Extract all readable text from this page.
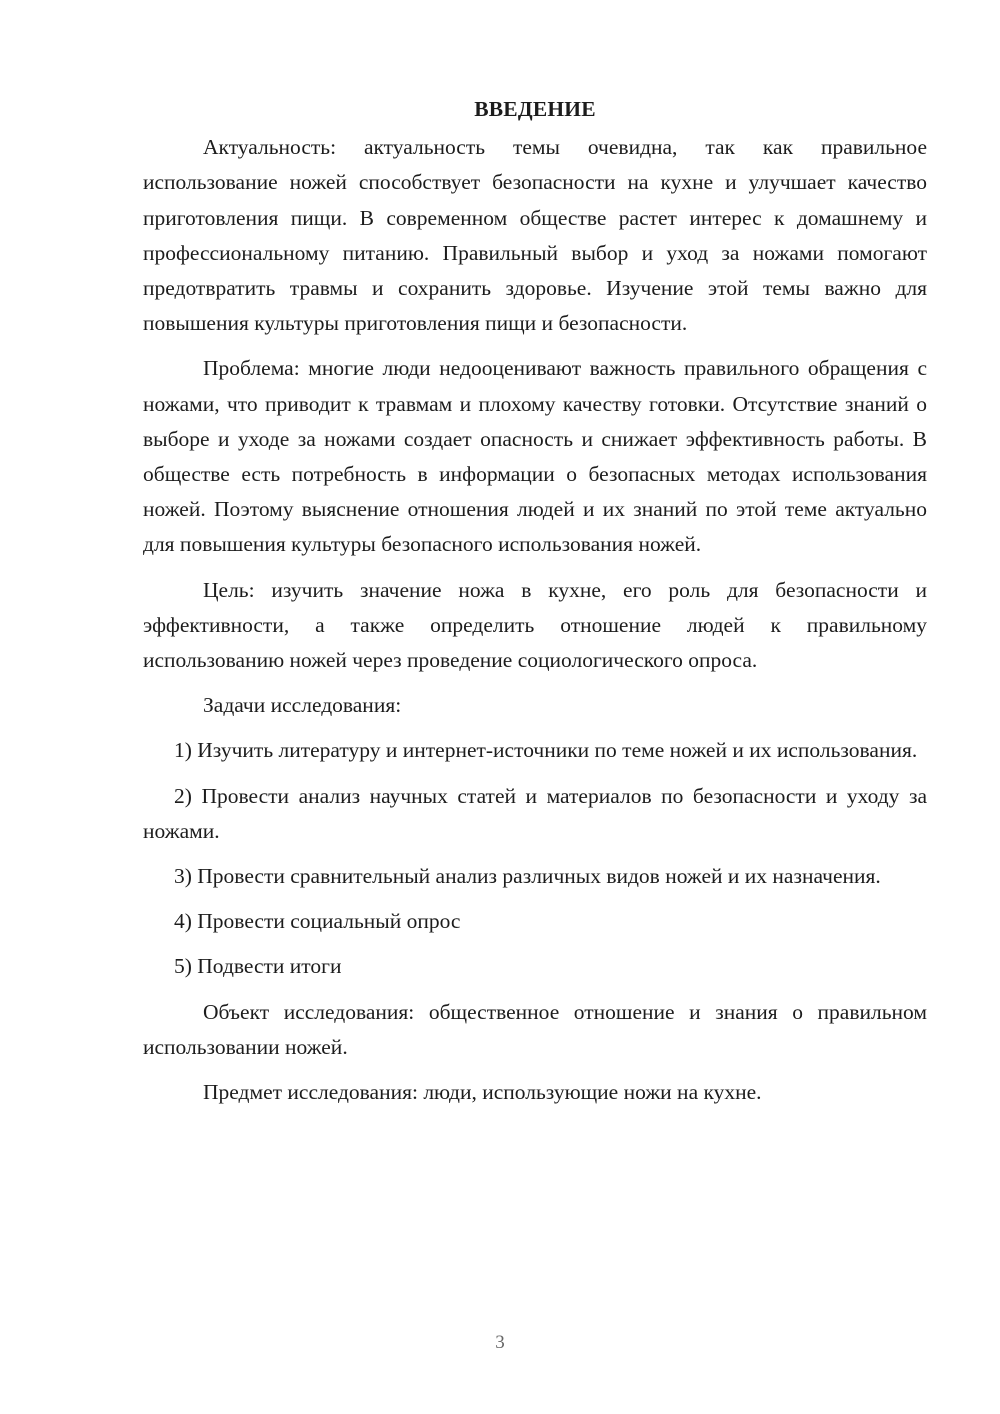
ВВЕДЕНИЕ

Актуальность: актуальность темы очевидна, так как правильное использование ножей способствует безопасности на кухне и улучшает качество приготовления пищи. В современном обществе растет интерес к домашнему и профессиональному питанию. Правильный выбор и уход за ножами помогают предотвратить травмы и сохранить здоровье. Изучение этой темы важно для повышения культуры приготовления пищи и безопасности.

Проблема: многие люди недооценивают важность правильного обращения с ножами, что приводит к травмам и плохому качеству готовки. Отсутствие знаний о выборе и уходе за ножами создает опасность и снижает эффективность работы. В обществе есть потребность в информации о безопасных методах использования ножей. Поэтому выяснение отношения людей и их знаний по этой теме актуально для повышения культуры безопасного использования ножей.

Цель: изучить значение ножа в кухне, его роль для безопасности и эффективности, а также определить отношение людей к правильному использованию ножей через проведение социологического опроса.

Задачи исследования:

1) Изучить литературу и интернет-источники по теме ножей и их использования.

2) Провести анализ научных статей и материалов по безопасности и уходу за ножами.

3) Провести сравнительный анализ различных видов ножей и их назначения.

4) Провести социальный опрос

5) Подвести итоги

Объект исследования: общественное отношение и знания о правильном использовании ножей.

Предмет исследования: люди, использующие ножи на кухне.

3
